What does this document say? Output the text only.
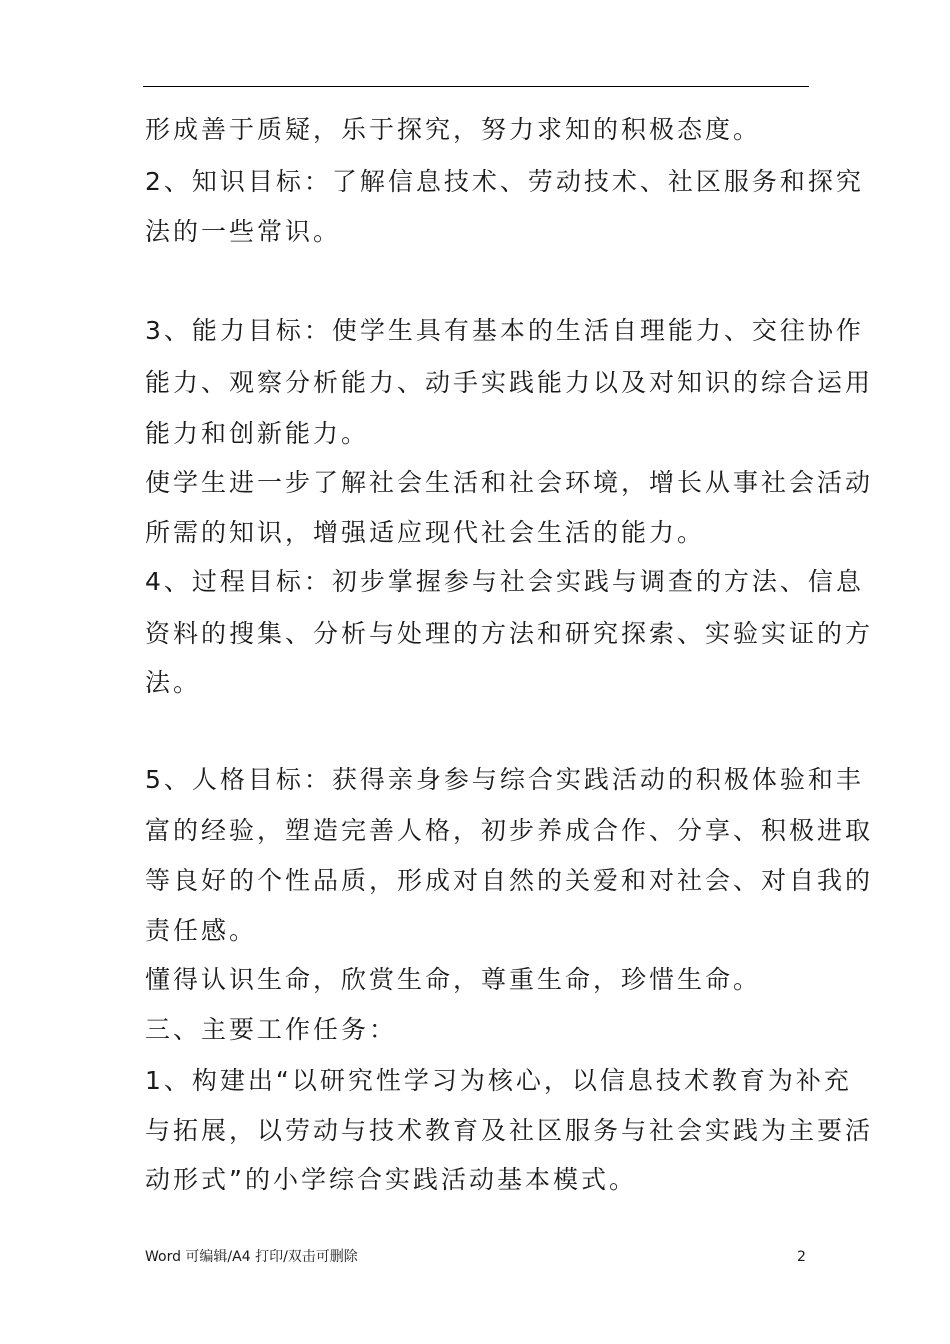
形成善于质疑，乐于探究，努力求知的积极态度。
2、知识目标：了解信息技术、劳动技术、社区服务和探究
法的一些常识。
3、能力目标：使学生具有基本的生活自理能力、交往协作
能力、观察分析能力、动手实践能力以及对知识的综合运用
能力和创新能力。
使学生进一步了解社会生活和社会环境，增长从事社会活动
所需的知识，增强适应现代社会生活的能力。
4、过程目标：初步掌握参与社会实践与调查的方法、信息
资料的搜集、分析与处理的方法和研究探索、实验实证的方
法。
5、人格目标：获得亲身参与综合实践活动的积极体验和丰
富的经验，塑造完善人格，初步养成合作、分享、积极进取
等良好的个性品质，形成对自然的关爱和对社会、对自我的
责任感。
懂得认识生命，欣赏生命，尊重生命，珍惜生命。
三、主要工作任务：
1、构建出“以研究性学习为核心，以信息技术教育为补充
与拓展，以劳动与技术教育及社区服务与社会实践为主要活
动形式”的小学综合实践活动基本模式。
Word 可编辑/A4 打印/双击可删除	2
